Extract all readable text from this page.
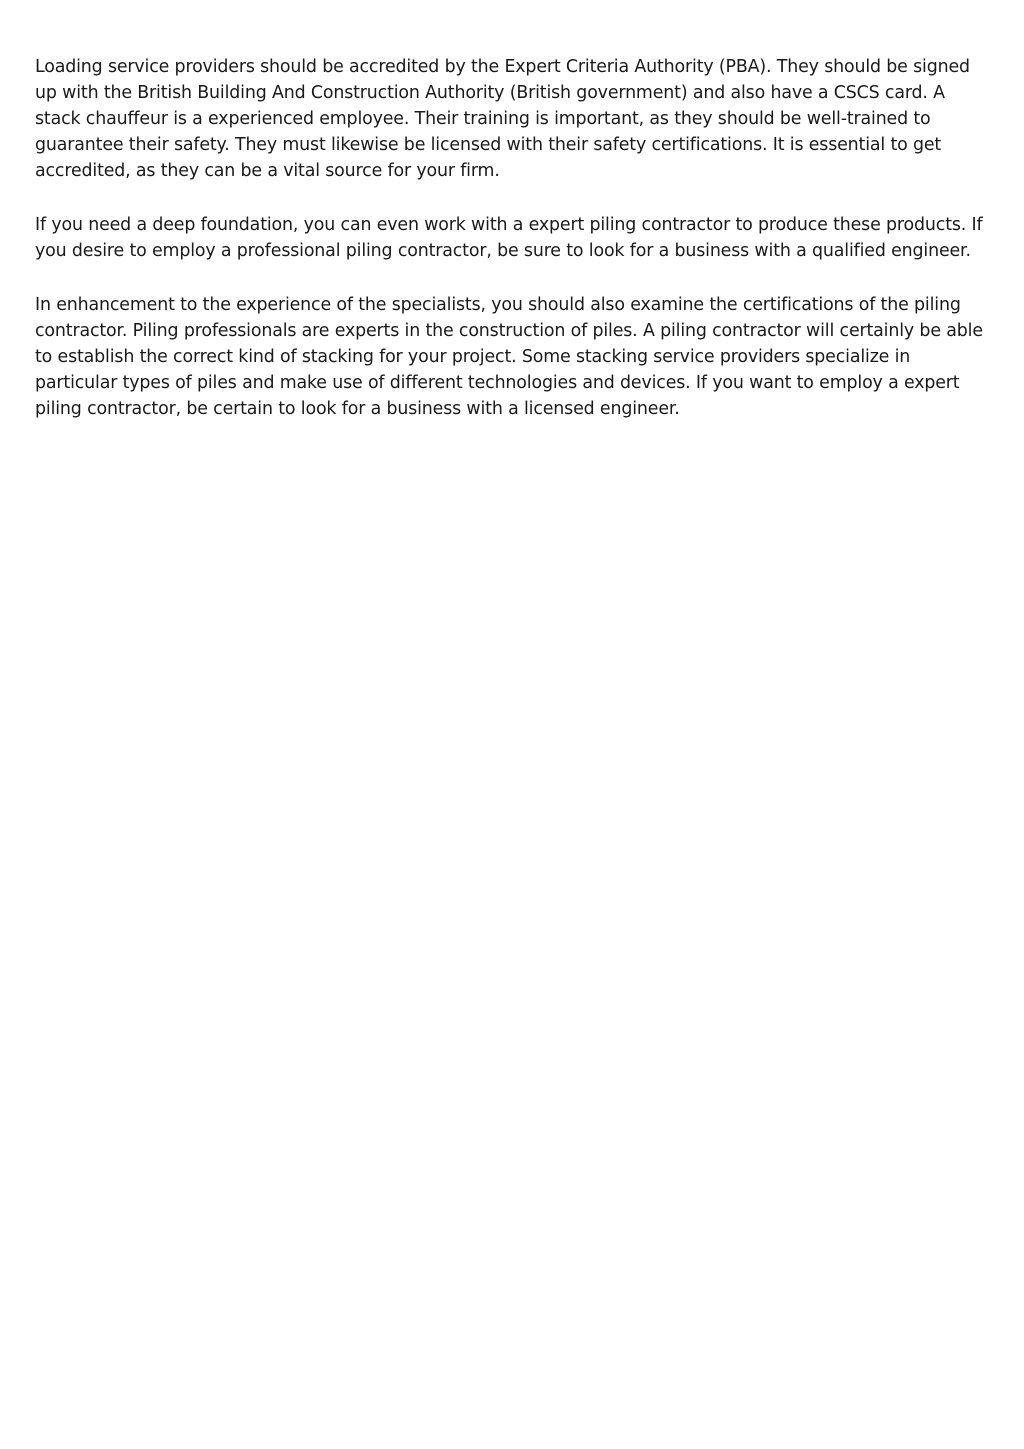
Loading service providers should be accredited by the Expert Criteria Authority (PBA). They should be signed up with the British Building And Construction Authority (British government) and also have a CSCS card. A stack chauffeur is a experienced employee. Their training is important, as they should be well-trained to guarantee their safety. They must likewise be licensed with their safety certifications. It is essential to get accredited, as they can be a vital source for your firm.

If you need a deep foundation, you can even work with a expert piling contractor to produce these products. If you desire to employ a professional piling contractor, be sure to look for a business with a qualified engineer.

In enhancement to the experience of the specialists, you should also examine the certifications of the piling contractor. Piling professionals are experts in the construction of piles. A piling contractor will certainly be able to establish the correct kind of stacking for your project. Some stacking service providers specialize in particular types of piles and make use of different technologies and devices. If you want to employ a expert piling contractor, be certain to look for a business with a licensed engineer.
